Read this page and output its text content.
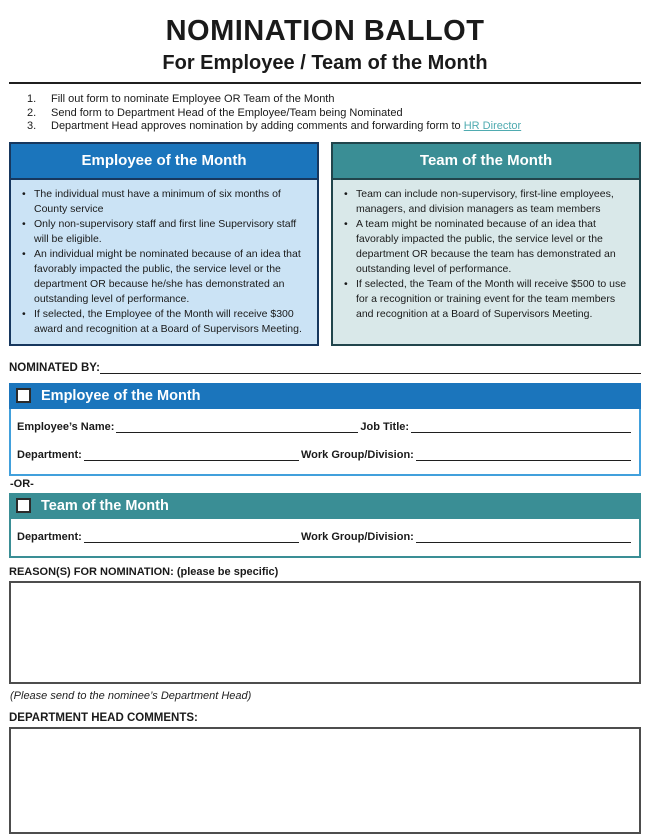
NOMINATION BALLOT
For Employee / Team of the Month
1.	Fill out form to nominate Employee OR Team of the Month
2.	Send form to Department Head of the Employee/Team being Nominated
3.	Department Head approves nomination by adding comments and forwarding form to HR Director
Employee of the Month
• The individual must have a minimum of six months of County service
• Only non-supervisory staff and first line Supervisory staff will be eligible.
• An individual might be nominated because of an idea that favorably impacted the public, the service level or the department OR because he/she has demonstrated an outstanding level of performance.
• If selected, the Employee of the Month will receive $300 award and recognition at a Board of Supervisors Meeting.
Team of the Month
• Team can include non-supervisory, first-line employees, managers, and division managers as team members
• A team might be nominated because of an idea that favorably impacted the public, the service level or the department OR because the team has demonstrated an outstanding level of performance.
• If selected, the Team of the Month will receive $500 to use for a recognition or training event for the team members and recognition at a Board of Supervisors Meeting.
NOMINATED BY:
Employee of the Month
Employee’s Name:	Job Title:
Department:	Work Group/Division:
-OR-
Team of the Month
Department:	Work Group/Division:
REASON(S) FOR NOMINATION: (please be specific)
(Please send to the nominee’s Department Head)
DEPARTMENT HEAD COMMENTS:
